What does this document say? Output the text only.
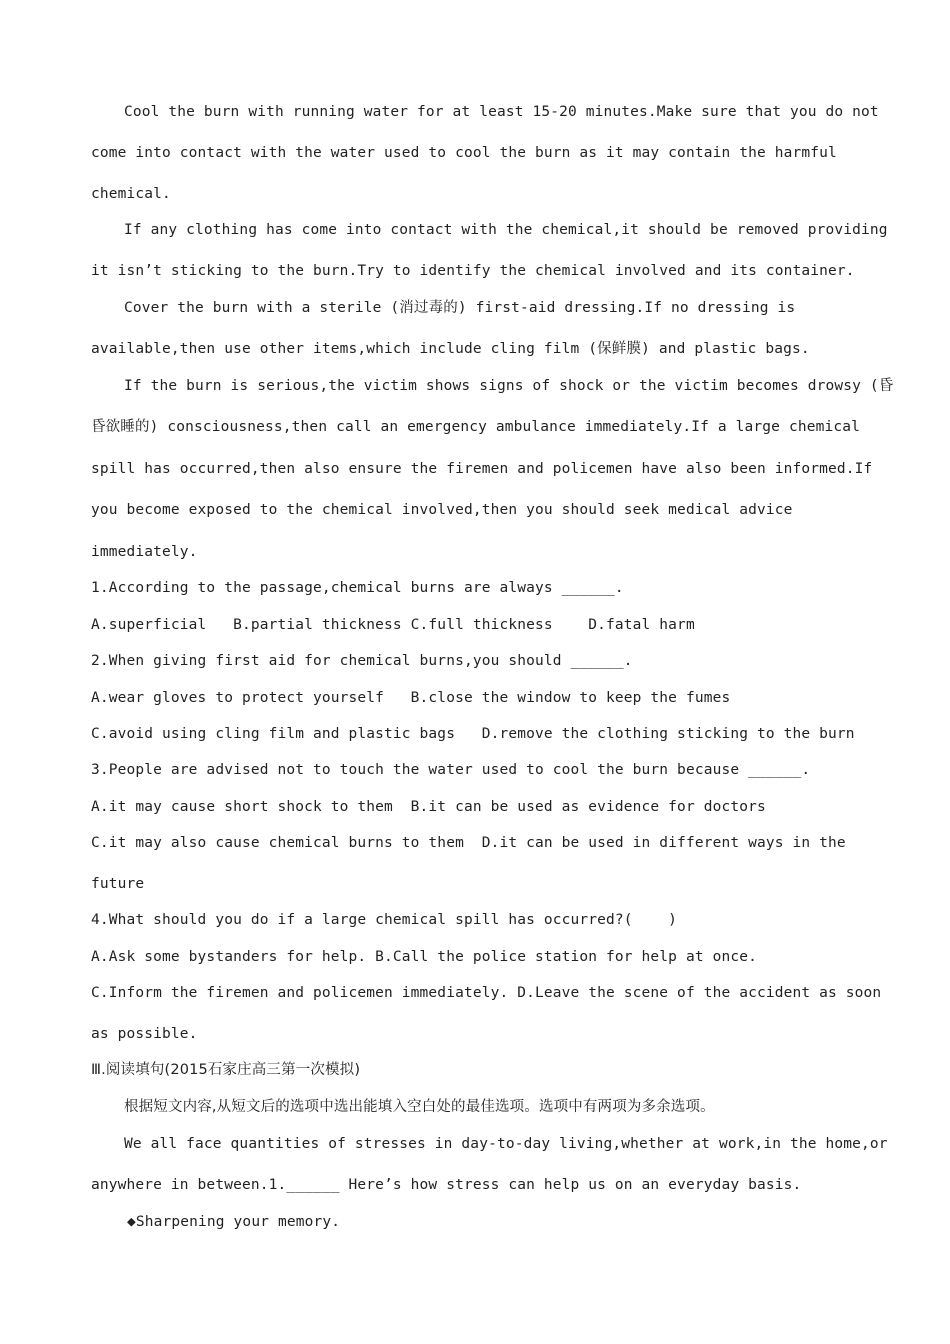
Cool the burn with running water for at least 15-20 minutes.Make sure that you do not
come into contact with the water used to cool the burn as it may contain the harmful
chemical.
If any clothing has come into contact with the chemical,it should be removed providing
it isn’t sticking to the burn.Try to identify the chemical involved and its container.
Cover the burn with a sterile (消过毒的) first-aid dressing.If no dressing is
available,then use other items,which include cling film (保鲜膜) and plastic bags.
If the burn is serious,the victim shows signs of shock or the victim becomes drowsy (昏
昏欲睡的) consciousness,then call an emergency ambulance immediately.If a large chemical
spill has occurred,then also ensure the firemen and policemen have also been informed.If
you become exposed to the chemical involved,then you should seek medical advice
immediately.
1.According to the passage,chemical burns are always ______.
A.superficial   B.partial thickness C.full thickness    D.fatal harm
2.When giving first aid for chemical burns,you should ______.
A.wear gloves to protect yourself   B.close the window to keep the fumes
C.avoid using cling film and plastic bags   D.remove the clothing sticking to the burn
3.People are advised not to touch the water used to cool the burn because ______.
A.it may cause short shock to them  B.it can be used as evidence for doctors
C.it may also cause chemical burns to them  D.it can be used in different ways in the
future
4.What should you do if a large chemical spill has occurred?(    )
A.Ask some bystanders for help. B.Call the police station for help at once.
C.Inform the firemen and policemen immediately. D.Leave the scene of the accident as soon
as possible.
Ⅲ.阅读填句(2015石家庄高三第一次模拟)
根据短文内容,从短文后的选项中选出能填入空白处的最佳选项。选项中有两项为多余选项。
We all face quantities of stresses in day-to-day living,whether at work,in the home,or
anywhere in between.1.______ Here’s how stress can help us on an everyday basis.
◆Sharpening your memory.
